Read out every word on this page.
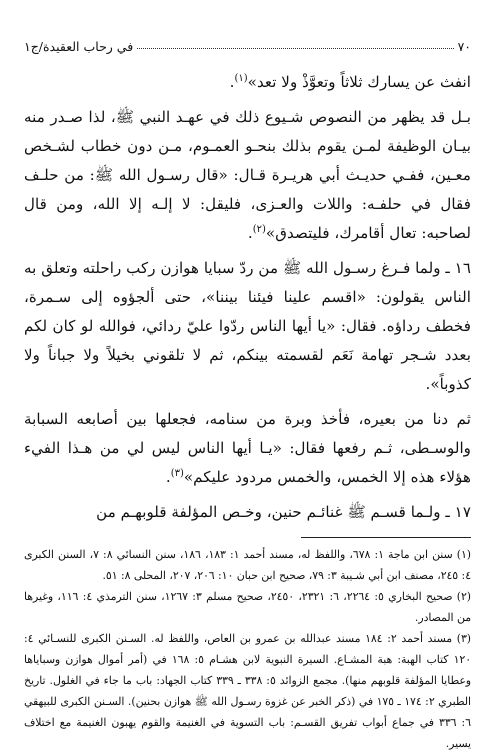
٧٠
في رحاب العقيدة/ج١

انفث عن يسارك ثلاثاً وتعوَّذْ ولا تعد»$^{(١)}$.

بـل قد يظهر من النصوص شـيوع ذلك في عهـد النبي ﷺ، لذا صـدر منه بيـان الوظيفة لمـن يقوم بذلك بنحـو العمـوم، مـن دون خطاب لشـخص معـين، ففـي حديـث أبي هريـرة قـال: «قال رسـول الله ﷺ: من حلـف فقال في حلفـه: واللات والعـزى، فليقل: لا إلـه إلا الله، ومن قال لصاحبه: تعال أقامرك، فليتصدق»$^{(٢)}$.

١٦ ـ ولما فـرغ رسـول الله ﷺ من ردّ سبايا هوازن ركب راحلته وتعلق به الناس يقولون: «اقسم علينا فيئنا بيننا»، حتى ألجؤوه إلى سـمرة، فخطف رداؤه. فقال: «يا أيها الناس ردّوا عليّ ردائي، فوالله لو كان لكم بعدد شـجر تهامة نَعَم لقسمته بينكم، ثم لا تلقوني بخيلاً ولا جباناً ولا كذوباً».

ثم دنا من بعيره، فأخذ وبرة من سنامه، فجعلها بين أصابعه السبابة والوسـطى، ثـم رفعها فقال: «يـا أيها الناس ليس لي من هـذا الفيء هؤلاء هذه إلا الخمس، والخمس مردود عليكم»$^{(٣)}$.

١٧ ـ ولـما قسـم ﷺ غنائـم حنين، وخـص المؤلفة قلوبهـم من

(١) سنن ابن ماجة ١: ٦٧٨، واللفظ له، مسند أحمد ١: ١٨٣، ١٨٦، سنن النسائي ٨: ٧، السنن الكبرى ٤: ٢٤٥، مصنف ابن أبي شـيبة ٣: ٧٩، صحيح ابن حبان ١٠: ٢٠٦، ٢٠٧، المحلى ٨: ٥١.

(٢) صحيح البخاري ٥: ٢٢٦٤، ٦: ٢٣٢١، ٢٤٥٠، صحيح مسلم ٣: ١٢٦٧، سنن الترمذي ٤: ١١٦، وغيرها من المصادر.

(٣) مسند أحمد ٢: ١٨٤ مسند عبدالله بن عمرو بن العاص، واللفظ له. السـنن الكبرى للنسـائي ٤: ١٢٠ كتاب الهبة: هبة المشـاع. السيرة النبوية لابن هشـام ٥: ١٦٨ في (أمر أموال هوازن وسباياها وعطايا المؤلفة قلوبهم منها). مجمع الزوائد ٥: ٣٣٨ ـ ٣٣٩ كتاب الجهاد: باب ما جاء في الغلول. تاريخ الطبري ٢: ١٧٤ ـ ١٧٥ في (ذكر الخبر عن غزوة رسـول الله ﷺ هوازن بحنين). السـنن الكبرى للبيهقي ٦: ٣٣٦ في جماع أبواب تفريق القسـم: باب التسوية في الغنيمة والقوم يهبون الغنيمة مع اختلاف يسير.
